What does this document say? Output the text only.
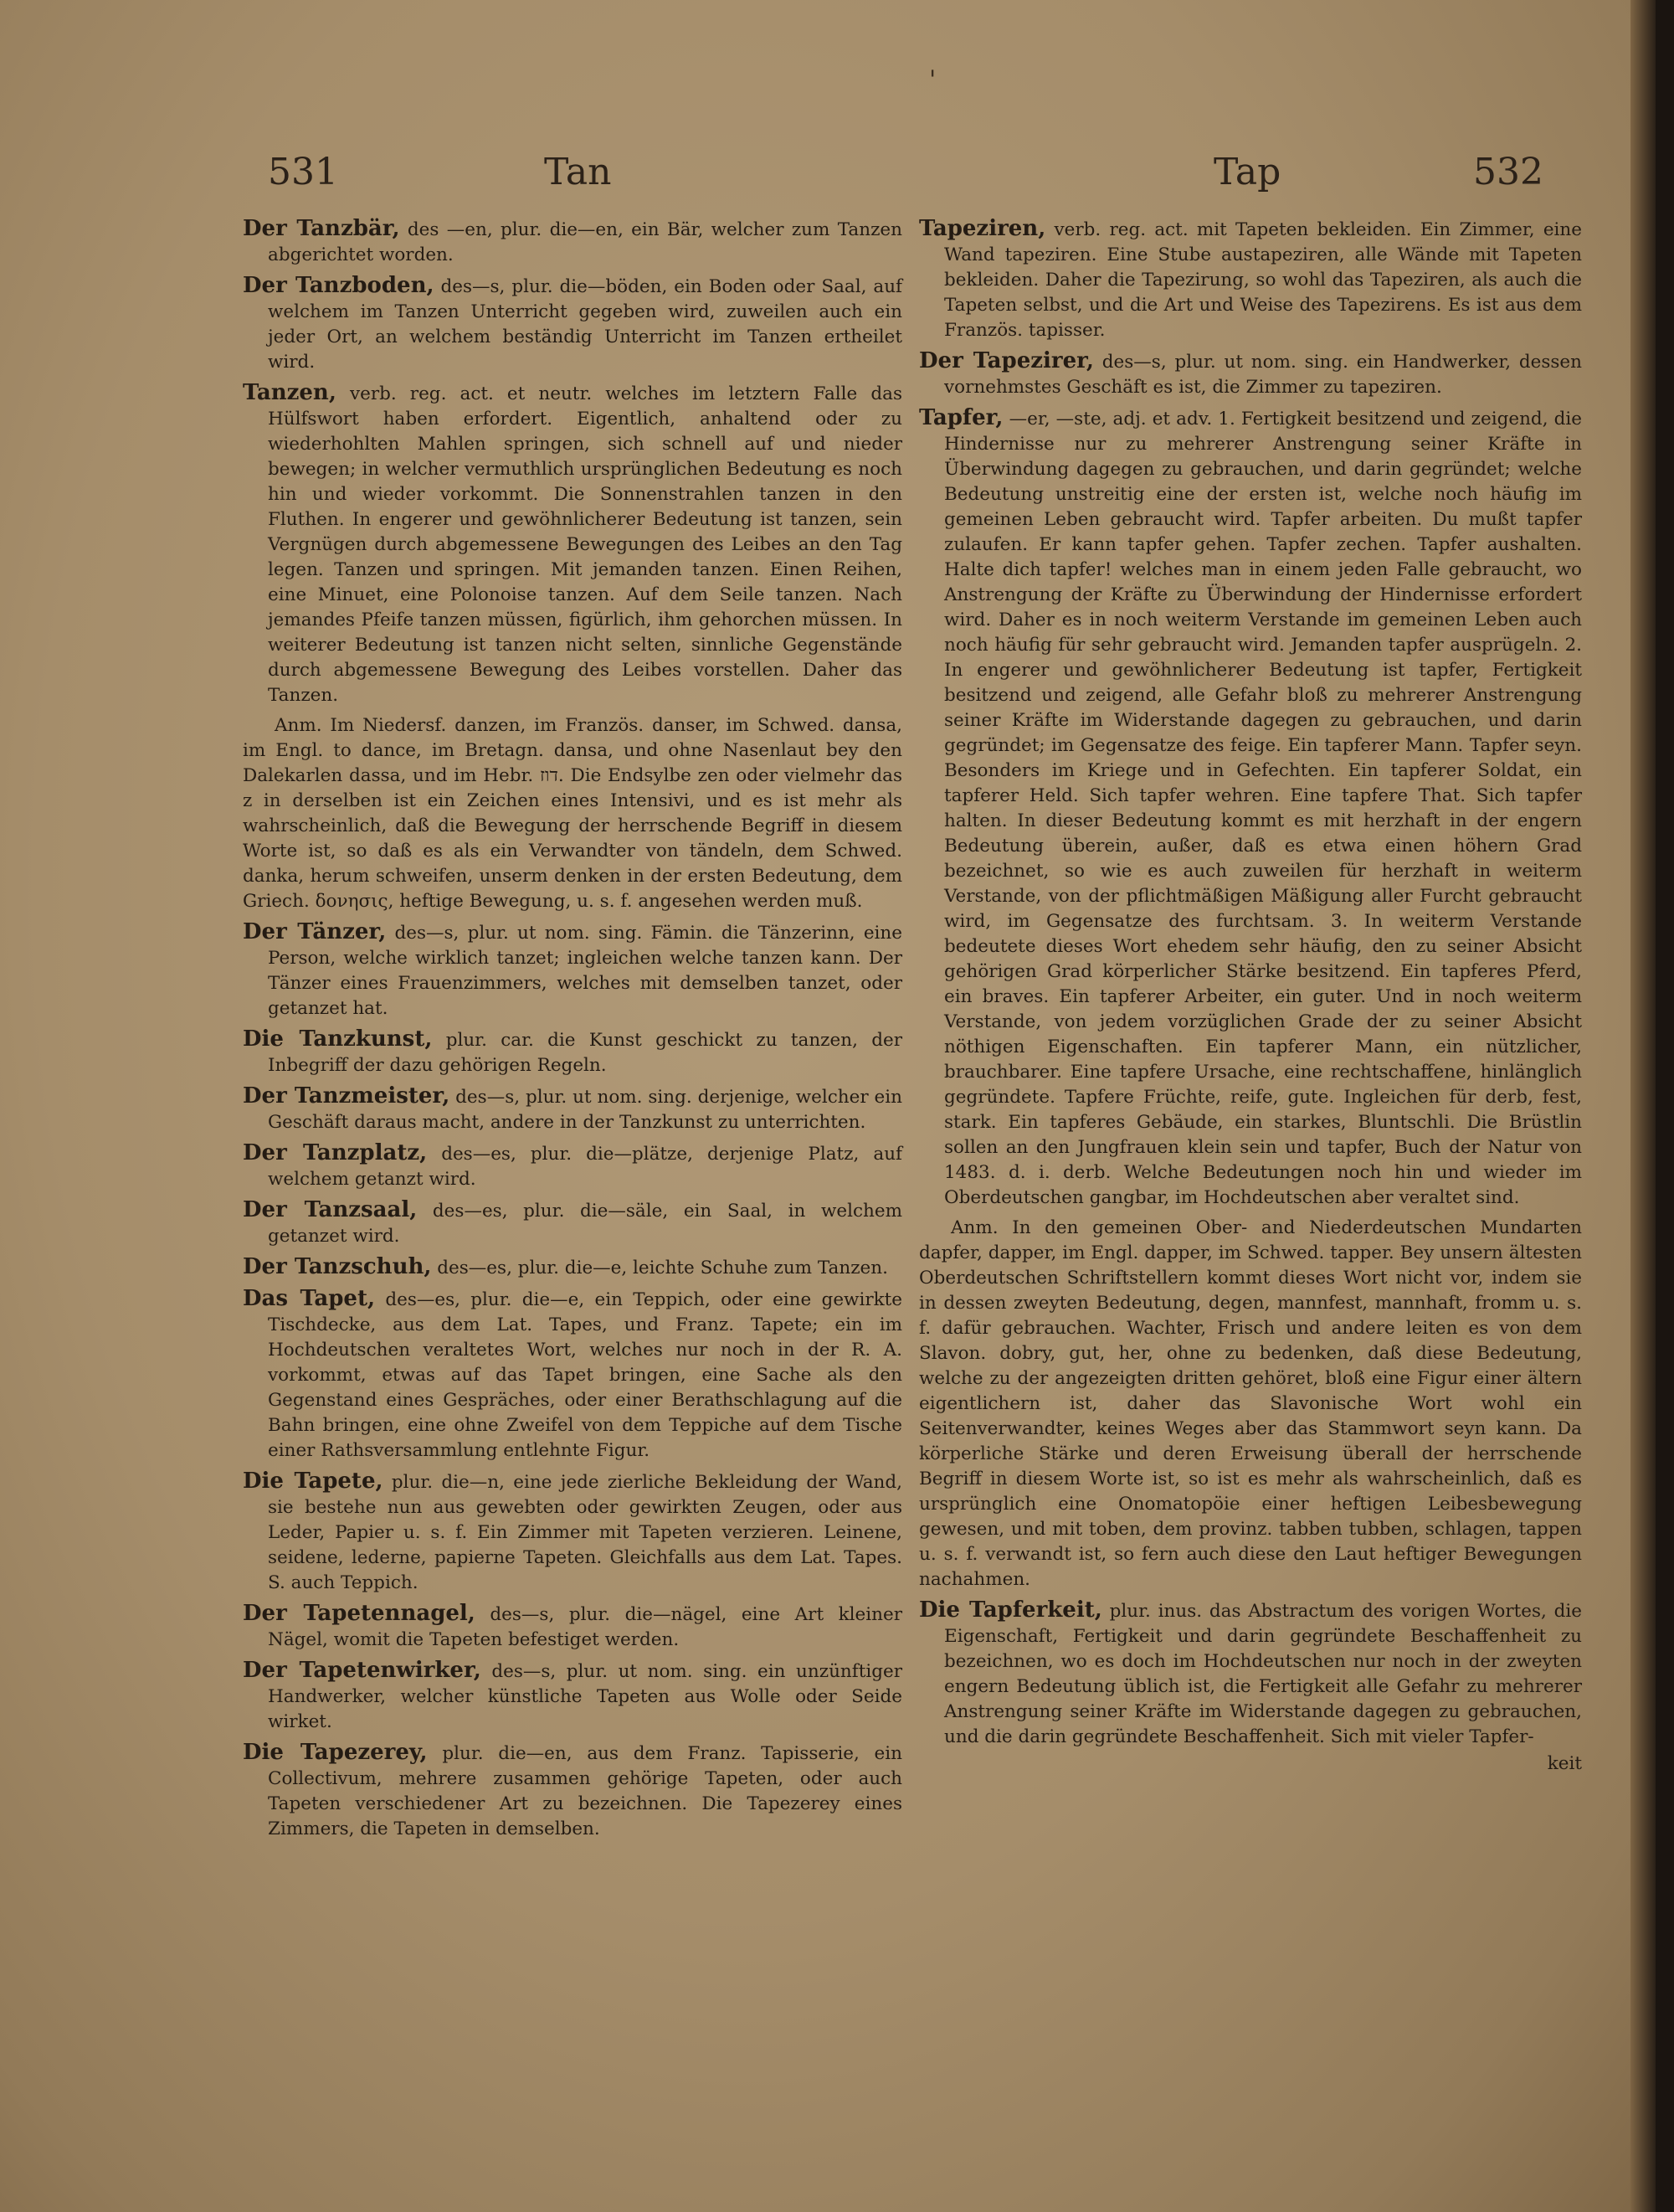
531	Tan	Tap	532
'
Der Tanzbär, des —en, plur. die—en, ein Bär, welcher zum Tanzen abgerichtet worden.
Der Tanzboden, des—s, plur. die—böden, ein Boden oder Saal, auf welchem im Tanzen Unterricht gegeben wird, zuweilen auch ein jeder Ort, an welchem beständig Unterricht im Tanzen ertheilet wird.
Tanzen, verb. reg. act. et neutr. welches im letztern Falle das Hülfswort haben erfordert. Eigentlich, anhaltend oder zu wiederhohlten Mahlen springen, sich schnell auf und nieder bewegen; in welcher vermuthlich ursprünglichen Bedeutung es noch hin und wieder vorkommt. Die Sonnenstrahlen tanzen in den Fluthen. In engerer und gewöhnlicherer Bedeutung ist tanzen, sein Vergnügen durch abgemessene Bewegungen des Leibes an den Tag legen. Tanzen und springen. Mit jemanden tanzen. Einen Reihen, eine Minuet, eine Polonoise tanzen. Auf dem Seile tanzen. Nach jemandes Pfeife tanzen müssen, figürlich, ihm gehorchen müssen. In weiterer Bedeutung ist tanzen nicht selten, sinnliche Gegenstände durch abgemessene Bewegung des Leibes vorstellen. Daher das Tanzen.
Anm. Im Niedersf. danzen, im Französ. danser, im Schwed. dansa, im Engl. to dance, im Bretagn. dansa, und ohne Nasenlaut bey den Dalekarlen dassa, und im Hebr. דוז. Die Endsylbe zen oder vielmehr das z in derselben ist ein Zeichen eines Intensivi, und es ist mehr als wahrscheinlich, daß die Bewegung der herrschende Begriff in diesem Worte ist, so daß es als ein Verwandter von tändeln, dem Schwed. danka, herum schweifen, unserm denken in der ersten Bedeutung, dem Griech. δονησις, heftige Bewegung, u. s. f. angesehen werden muß.
Der Tänzer, des—s, plur. ut nom. sing. Fämin. die Tänzerinn, eine Person, welche wirklich tanzet; ingleichen welche tanzen kann. Der Tänzer eines Frauenzimmers, welches mit demselben tanzet, oder getanzet hat.
Die Tanzkunst, plur. car. die Kunst geschickt zu tanzen, der Inbegriff der dazu gehörigen Regeln.
Der Tanzmeister, des—s, plur. ut nom. sing. derjenige, welcher ein Geschäft daraus macht, andere in der Tanzkunst zu unterrichten.
Der Tanzplatz, des—es, plur. die—plätze, derjenige Platz, auf welchem getanzt wird.
Der Tanzsaal, des—es, plur. die—säle, ein Saal, in welchem getanzet wird.
Der Tanzschuh, des—es, plur. die—e, leichte Schuhe zum Tanzen.
Das Tapet, des—es, plur. die—e, ein Teppich, oder eine gewirkte Tischdecke, aus dem Lat. Tapes, und Franz. Tapete; ein im Hochdeutschen veraltetes Wort, welches nur noch in der R. A. vorkommt, etwas auf das Tapet bringen, eine Sache als den Gegenstand eines Gespräches, oder einer Berathschlagung auf die Bahn bringen, eine ohne Zweifel von dem Teppiche auf dem Tische einer Rathsversammlung entlehnte Figur.
Die Tapete, plur. die—n, eine jede zierliche Bekleidung der Wand, sie bestehe nun aus gewebten oder gewirkten Zeugen, oder aus Leder, Papier u. s. f. Ein Zimmer mit Tapeten verzieren. Leinene, seidene, lederne, papierne Tapeten. Gleichfalls aus dem Lat. Tapes. S. auch Teppich.
Der Tapetennagel, des—s, plur. die—nägel, eine Art kleiner Nägel, womit die Tapeten befestiget werden.
Der Tapetenwirker, des—s, plur. ut nom. sing. ein unzünftiger Handwerker, welcher künstliche Tapeten aus Wolle oder Seide wirket.
Die Tapezerey, plur. die—en, aus dem Franz. Tapisserie, ein Collectivum, mehrere zusammen gehörige Tapeten, oder auch Tapeten verschiedener Art zu bezeichnen. Die Tapezerey eines Zimmers, die Tapeten in demselben.
Tapeziren, verb. reg. act. mit Tapeten bekleiden. Ein Zimmer, eine Wand tapeziren. Eine Stube austapeziren, alle Wände mit Tapeten bekleiden. Daher die Tapezirung, so wohl das Tapeziren, als auch die Tapeten selbst, und die Art und Weise des Tapezirens. Es ist aus dem Französ. tapisser.
Der Tapezirer, des—s, plur. ut nom. sing. ein Handwerker, dessen vornehmstes Geschäft es ist, die Zimmer zu tapeziren.
Tapfer, —er, —ste, adj. et adv. 1. Fertigkeit besitzend und zeigend, die Hindernisse nur zu mehrerer Anstrengung seiner Kräfte in Überwindung dagegen zu gebrauchen, und darin gegründet; welche Bedeutung unstreitig eine der ersten ist, welche noch häufig im gemeinen Leben gebraucht wird. Tapfer arbeiten. Du mußt tapfer zulaufen. Er kann tapfer gehen. Tapfer zechen. Tapfer aushalten. Halte dich tapfer! welches man in einem jeden Falle gebraucht, wo Anstrengung der Kräfte zu Überwindung der Hindernisse erfordert wird. Daher es in noch weiterm Verstande im gemeinen Leben auch noch häufig für sehr gebraucht wird. Jemanden tapfer ausprügeln. 2. In engerer und gewöhnlicherer Bedeutung ist tapfer, Fertigkeit besitzend und zeigend, alle Gefahr bloß zu mehrerer Anstrengung seiner Kräfte im Widerstande dagegen zu gebrauchen, und darin gegründet; im Gegensatze des feige. Ein tapferer Mann. Tapfer seyn. Besonders im Kriege und in Gefechten. Ein tapferer Soldat, ein tapferer Held. Sich tapfer wehren. Eine tapfere That. Sich tapfer halten. In dieser Bedeutung kommt es mit herzhaft in der engern Bedeutung überein, außer, daß es etwa einen höhern Grad bezeichnet, so wie es auch zuweilen für herzhaft in weiterm Verstande, von der pflichtmäßigen Mäßigung aller Furcht gebraucht wird, im Gegensatze des furchtsam. 3. In weiterm Verstande bedeutete dieses Wort ehedem sehr häufig, den zu seiner Absicht gehörigen Grad körperlicher Stärke besitzend. Ein tapferes Pferd, ein braves. Ein tapferer Arbeiter, ein guter. Und in noch weiterm Verstande, von jedem vorzüglichen Grade der zu seiner Absicht nöthigen Eigenschaften. Ein tapferer Mann, ein nützlicher, brauchbarer. Eine tapfere Ursache, eine rechtschaffene, hinlänglich gegründete. Tapfere Früchte, reife, gute. Ingleichen für derb, fest, stark. Ein tapferes Gebäude, ein starkes, Bluntschli. Die Brüstlin sollen an den Jungfrauen klein sein und tapfer, Buch der Natur von 1483. d. i. derb. Welche Bedeutungen noch hin und wieder im Oberdeutschen gangbar, im Hochdeutschen aber veraltet sind.
Anm. In den gemeinen Ober- and Niederdeutschen Mundarten dapfer, dapper, im Engl. dapper, im Schwed. tapper. Bey unsern ältesten Oberdeutschen Schriftstellern kommt dieses Wort nicht vor, indem sie in dessen zweyten Bedeutung, degen, mannfest, mannhaft, fromm u. s. f. dafür gebrauchen. Wachter, Frisch und andere leiten es von dem Slavon. dobry, gut, her, ohne zu bedenken, daß diese Bedeutung, welche zu der angezeigten dritten gehöret, bloß eine Figur einer ältern eigentlichern ist, daher das Slavonische Wort wohl ein Seitenverwandter, keines Weges aber das Stammwort seyn kann. Da körperliche Stärke und deren Erweisung überall der herrschende Begriff in diesem Worte ist, so ist es mehr als wahrscheinlich, daß es ursprünglich eine Onomatopöie einer heftigen Leibesbewegung gewesen, und mit toben, dem provinz. tabben tubben, schlagen, tappen u. s. f. verwandt ist, so fern auch diese den Laut heftiger Bewegungen nachahmen.
Die Tapferkeit, plur. inus. das Abstractum des vorigen Wortes, die Eigenschaft, Fertigkeit und darin gegründete Beschaffenheit zu bezeichnen, wo es doch im Hochdeutschen nur noch in der zweyten engern Bedeutung üblich ist, die Fertigkeit alle Gefahr zu mehrerer Anstrengung seiner Kräfte im Widerstande dagegen zu gebrauchen, und die darin gegründete Beschaffenheit. Sich mit vieler Tapfer-
keit
